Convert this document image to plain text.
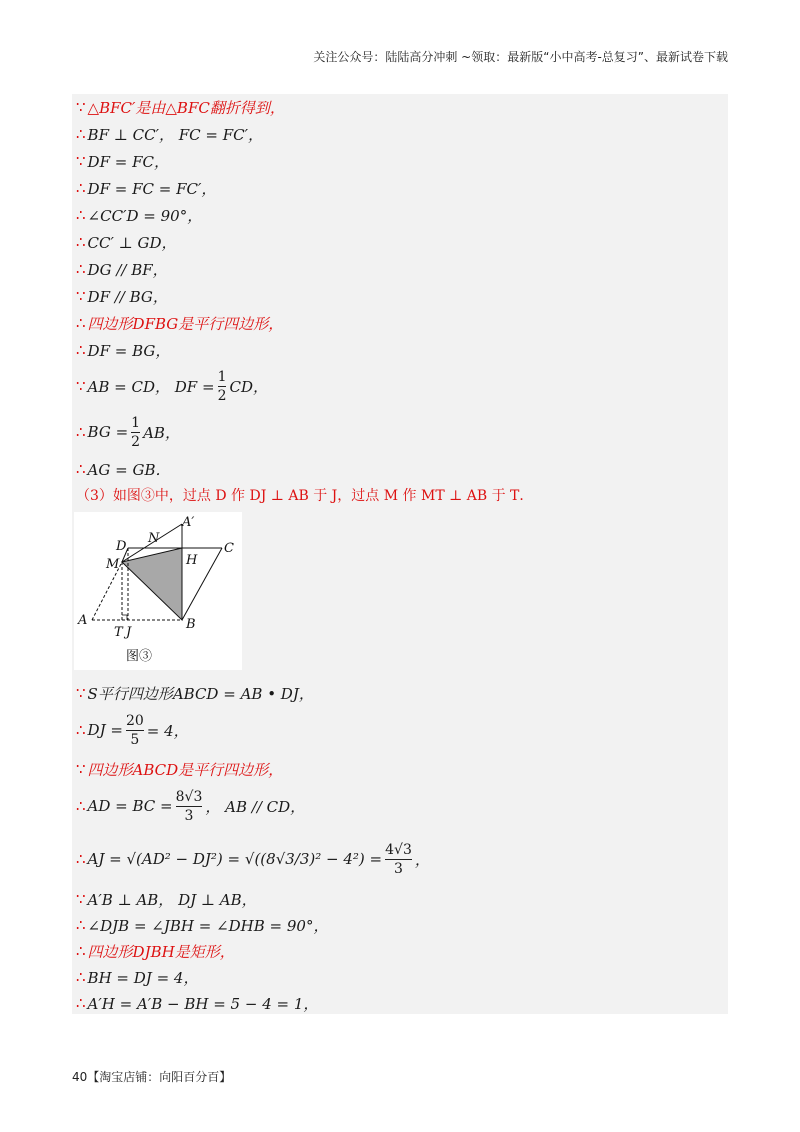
关注公众号：陆陆高分冲刺 ~领取：最新版“小中高考-总复习”、最新试卷下载
∵ △BFC′是由△BFC翻折得到，
∴ BF ⊥ CC′， FC = FC′，
∵ DF = FC，
∴ DF = FC = FC′，
∴ ∠CC′D = 90°，
∴ CC′ ⊥ GD，
∴ DG // BF，
∵ DF // BG，
∴ 四边形DFBG是平行四边形，
∴ DF = BG，
∵ AB = CD， DF = $\frac{1}{2}$ CD，
∴ BG = $\frac{1}{2}$ AB，
∴ AG = GB．
（3）如图③中，过点 D 作 DJ ⊥ AB 于 J，过点 M 作 MT ⊥ AB 于 T．
∵ S平行四边形ABCD = AB • DJ，
∴ DJ = $\frac{20}{5} = 4$，
∵ 四边形ABCD是平行四边形，
∴ AD = BC = $\frac{8√3}{3}$ ， AB // CD，
∴ AJ = $√(AD^2 - DJ^2) = √((8√3/3)^2 - 4^2) = \frac{4√3}{3}$ ，
∵ A′B ⊥ AB， DJ ⊥ AB，
∴ ∠DJB = ∠JBH = ∠DHB = 90°，
∴ 四边形DJBH是矩形，
∴ BH = DJ = 4，
∴ A′H = A′B − BH = 5 − 4 = 1，
A	B
C
D
H
J
M
N
T
A′
图③
40【淘宝店铺：向阳百分百】
